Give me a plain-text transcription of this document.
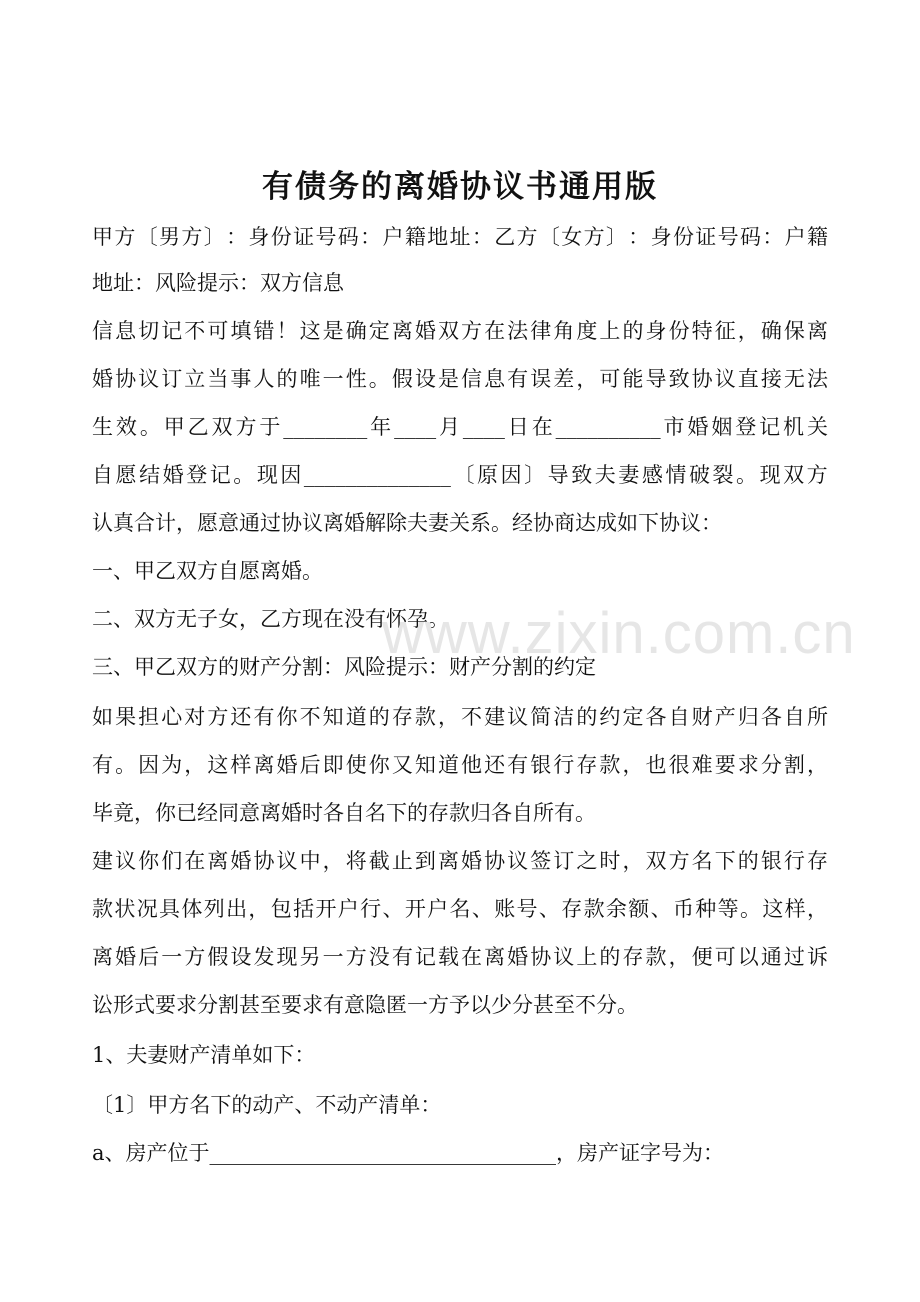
有债务的离婚协议书通用版
甲 方 〔 男 方 〕 ： 身 份 证 号 码 ： 户 籍 地 址 ： 乙 方 〔 女 方 〕 ： 身 份 证 号 码 ： 户 籍
地址：风险提示：双方信息
信 息 切 记 不 可 填 错 ！ 这 是 确 定 离 婚 双 方 在 法 律 角 度 上 的 身 份 特 征 ， 确 保 离
婚 协 议 订 立 当 事 人 的 唯 一 性 。 假 设 是 信 息 有 误 差 ， 可 能 导 致 协 议 直 接 无 法
生 效 。 甲 乙 双 方 于 ________ 年 ____ 月 ____ 日 在 __________ 市 婚 姻 登 记 机 关
自 愿 结 婚 登 记 。 现 因 ______________ 〔 原 因 〕 导 致 夫 妻 感 情 破 裂 。 现 双 方
认真合计，愿意通过协议离婚解除夫妻关系。经协商达成如下协议：
一、甲乙双方自愿离婚。
二、双方无子女，乙方现在没有怀孕。
三、甲乙双方的财产分割：风险提示：财产分割的约定
如 果 担 心 对 方 还 有 你 不 知 道 的 存 款 ， 不 建 议 简 洁 的 约 定 各 自 财 产 归 各 自 所
有 。 因 为 ， 这 样 离 婚 后 即 使 你 又 知 道 他 还 有 银 行 存 款 ， 也 很 难 要 求 分 割 ，
毕竟，你已经同意离婚时各自名下的存款归各自所有。
建 议 你 们 在 离 婚 协 议 中 ， 将 截 止 到 离 婚 协 议 签 订 之 时 ， 双 方 名 下 的 银 行 存
款 状 况 具 体 列 出 ， 包 括 开 户 行 、 开 户 名 、 账 号 、 存 款 余 额 、 币 种 等 。 这 样 ，
离 婚 后 一 方 假 设 发 现 另 一 方 没 有 记 载 在 离 婚 协 议 上 的 存 款 ， 便 可 以 通 过 诉
讼形式要求分割甚至要求有意隐匿一方予以少分甚至不分。
1、夫妻财产清单如下：
〔1〕甲方名下的动产、不动产清单：
a、房产位于_________________________________，房产证字号为：
www.zixin.com.cn
